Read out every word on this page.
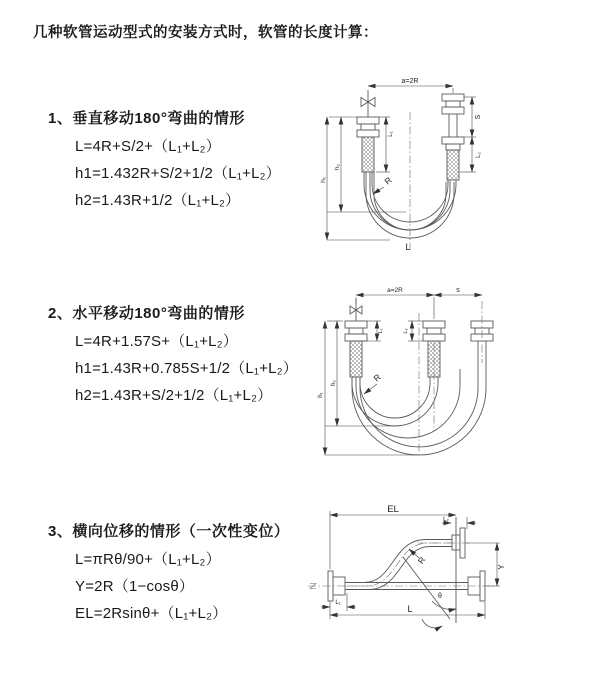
几种软管运动型式的安装方式时，软管的长度计算：
1、垂直移动180°弯曲的情形
L=4R+S/2+（L₁+L₂）
h1=1.432R+S/2+1/2（L₁+L₂）
h2=1.43R+1/2（L₁+L₂）
2、水平移动180°弯曲的情形
L=4R+1.57S+（L₁+L₂）
h1=1.43R+0.785S+1/2（L₁+L₂）
h2=1.43R+S/2+1/2（L₁+L₂）
3、横向位移的情形（一次性变位）
L=πRθ/90+（L₁+L₂）
Y=2R（1−cosθ）
EL=2Rsinθ+（L₁+L₂）
a=2R
S
L₂
L₁
h₁
h₂
R
L
a=2R	s
h₁
h₂
L₁	L₂
R
EL
L₂
Y
R
θ
L
L₁
